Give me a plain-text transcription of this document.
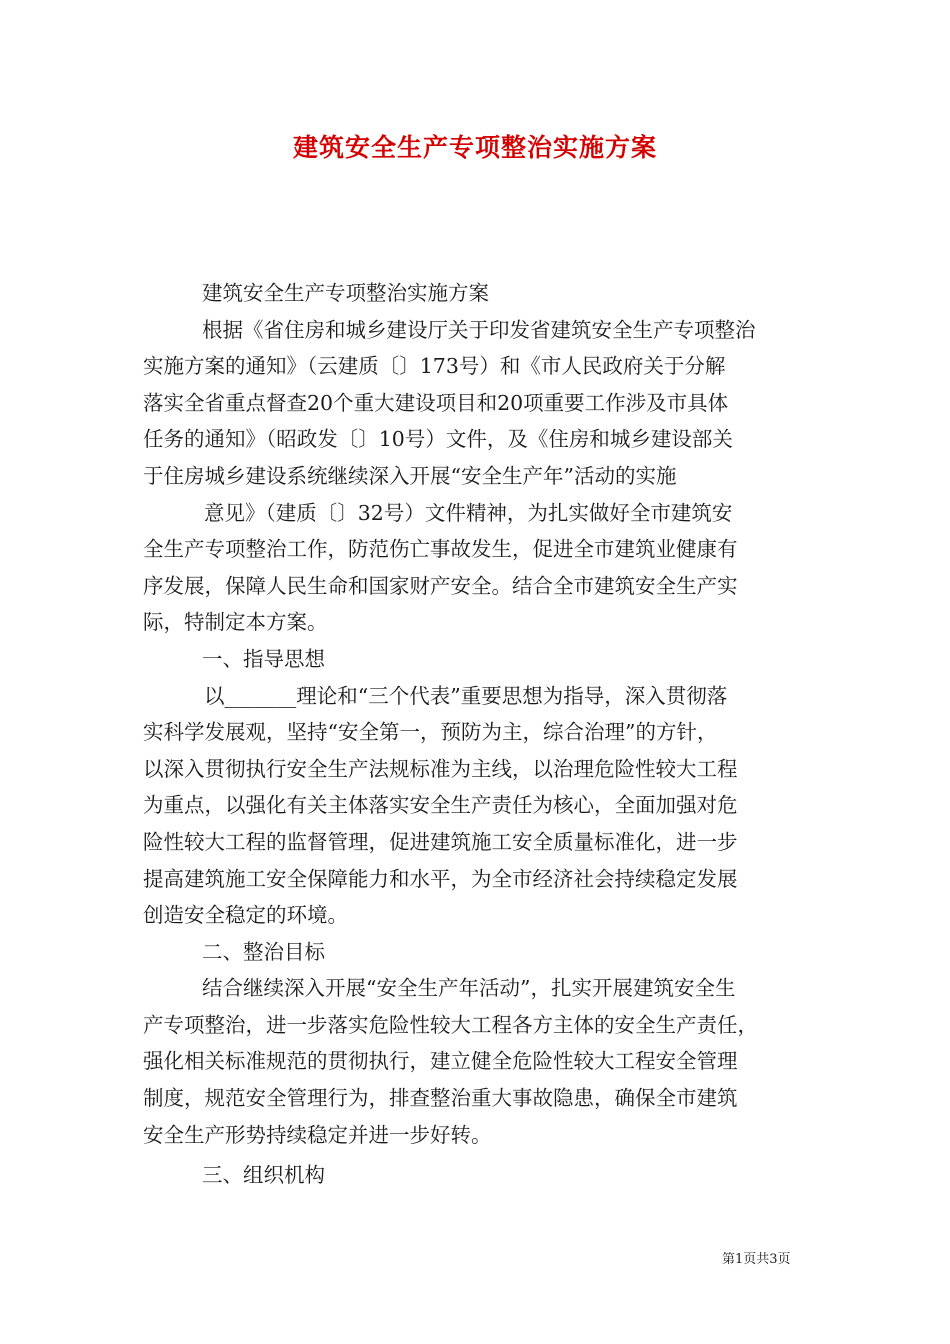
建筑安全生产专项整治实施方案
建筑安全生产专项整治实施方案
根据《省住房和城乡建设厅关于印发省建筑安全生产专项整治
实施方案的通知》（云建质〔〕173号）和《市人民政府关于分解
落实全省重点督查20个重大建设项目和20项重要工作涉及市具体
任务的通知》（昭政发〔〕10号）文件，及《住房和城乡建设部关
于住房城乡建设系统继续深入开展“安全生产年”活动的实施
意见》（建质〔〕32号）文件精神，为扎实做好全市建筑安
全生产专项整治工作，防范伤亡事故发生，促进全市建筑业健康有
序发展，保障人民生命和国家财产安全。结合全市建筑安全生产实
际，特制定本方案。
一、指导思想
以_______理论和“三个代表”重要思想为指导，深入贯彻落
实科学发展观，坚持“安全第一，预防为主，综合治理”的方针，
以深入贯彻执行安全生产法规标准为主线，以治理危险性较大工程
为重点，以强化有关主体落实安全生产责任为核心，全面加强对危
险性较大工程的监督管理，促进建筑施工安全质量标准化，进一步
提高建筑施工安全保障能力和水平，为全市经济社会持续稳定发展
创造安全稳定的环境。
二、整治目标
结合继续深入开展“安全生产年活动”，扎实开展建筑安全生
产专项整治，进一步落实危险性较大工程各方主体的安全生产责任，
强化相关标准规范的贯彻执行，建立健全危险性较大工程安全管理
制度，规范安全管理行为，排查整治重大事故隐患，确保全市建筑
安全生产形势持续稳定并进一步好转。
三、组织机构
第1页共3页
